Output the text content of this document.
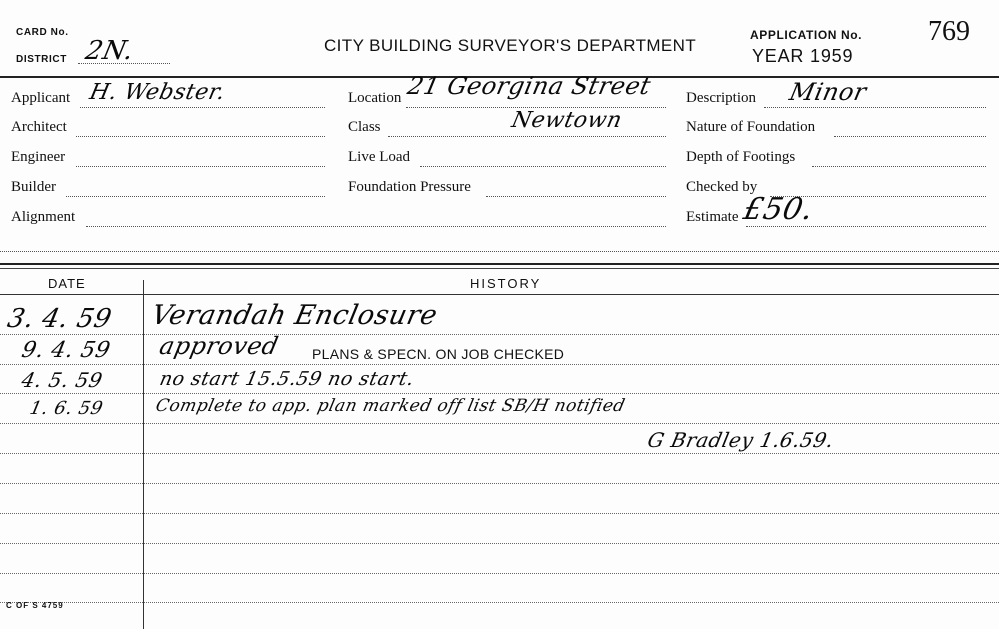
CARD No.
DISTRICT 2N.	CITY BUILDING SURVEYOR'S DEPARTMENT
APPLICATION No. 769
YEAR 1959
Applicant H. Webster.
Architect
Engineer
Builder
Alignment
Location 21 Georgina Street
Class	Newtown
Live Load
Foundation Pressure
Description Minor
Nature of Foundation
Depth of Footings
Checked by
Estimate £50.
DATE	HISTORY
3. 4. 59 Verandah Enclosure
9. 4. 59 approved PLANS & SPECN. ON JOB CHECKED
4. 5. 59	no start 15.5.59 no start.
1. 6. 59	Complete to app. plan marked off list SB/H notified
G Bradley 1.6.59.
C OF S 4759
